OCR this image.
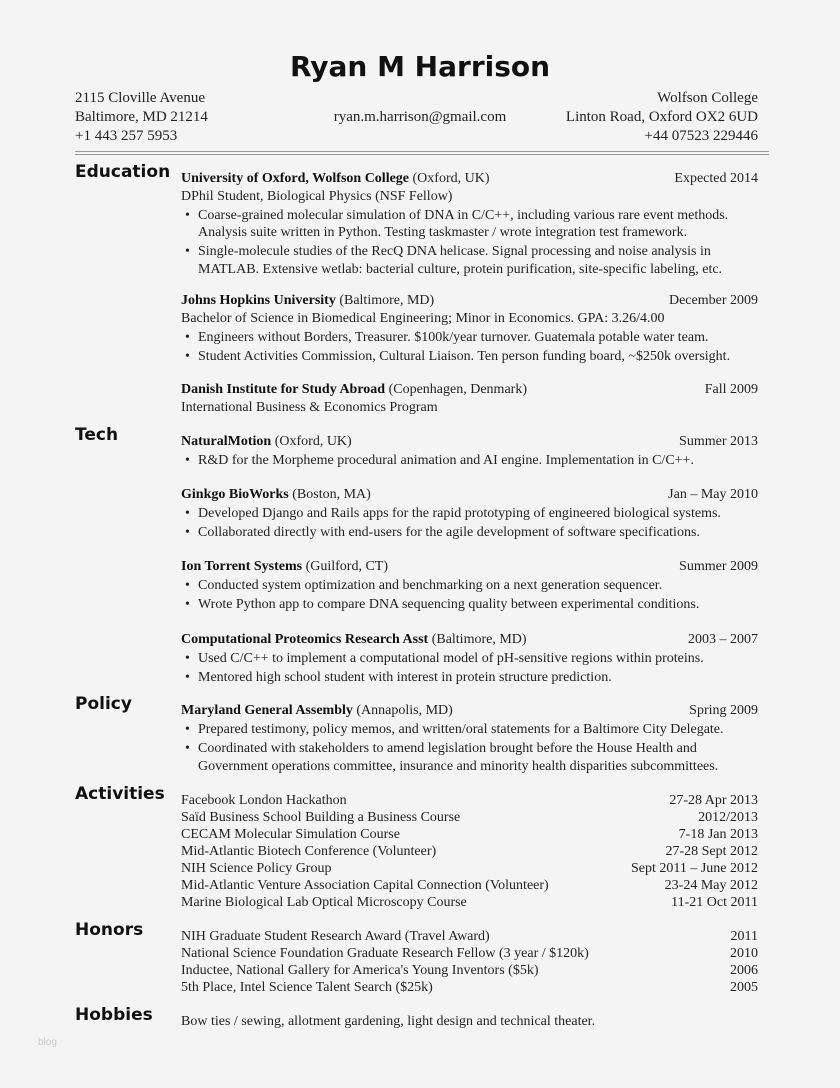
Ryan M Harrison
2115 Cloville Avenue
Baltimore, MD 21214
+1 443 257 5953
ryan.m.harrison@gmail.com
Wolfson College
Linton Road, Oxford OX2 6UD
+44 07523 229446
Education University of Oxford, Wolfson College (Oxford, UK)	Expected 2014
DPhil Student, Biological Physics (NSF Fellow)
• Coarse-grained molecular simulation of DNA in C/C++, including various rare event methods. Analysis suite written in Python. Testing taskmaster / wrote integration test framework.
• Single-molecule studies of the RecQ DNA helicase. Signal processing and noise analysis in MATLAB. Extensive wetlab: bacterial culture, protein purification, site-specific labeling, etc.
Johns Hopkins University (Baltimore, MD)	December 2009
Bachelor of Science in Biomedical Engineering; Minor in Economics. GPA: 3.26/4.00
• Engineers without Borders, Treasurer. $100k/year turnover. Guatemala potable water team.
• Student Activities Commission, Cultural Liaison. Ten person funding board, ~$250k oversight.
Danish Institute for Study Abroad (Copenhagen, Denmark)	Fall 2009
International Business & Economics Program
Tech	NaturalMotion (Oxford, UK)	Summer 2013
• R&D for the Morpheme procedural animation and AI engine. Implementation in C/C++.
Ginkgo BioWorks (Boston, MA)	Jan – May 2010
• Developed Django and Rails apps for the rapid prototyping of engineered biological systems.
• Collaborated directly with end-users for the agile development of software specifications.
Ion Torrent Systems (Guilford, CT)	Summer 2009
• Conducted system optimization and benchmarking on a next generation sequencer.
• Wrote Python app to compare DNA sequencing quality between experimental conditions.
Computational Proteomics Research Asst (Baltimore, MD)	2003 – 2007
• Used C/C++ to implement a computational model of pH-sensitive regions within proteins.
• Mentored high school student with interest in protein structure prediction.
Policy	Maryland General Assembly (Annapolis, MD)	Spring 2009
• Prepared testimony, policy memos, and written/oral statements for a Baltimore City Delegate.
• Coordinated with stakeholders to amend legislation brought before the House Health and Government operations committee, insurance and minority health disparities subcommittees.
Activities Facebook London Hackathon	27-28 Apr 2013
Saïd Business School Building a Business Course	2012/2013
CECAM Molecular Simulation Course	7-18 Jan 2013
Mid-Atlantic Biotech Conference (Volunteer)	27-28 Sept 2012
NIH Science Policy Group	Sept 2011 – June 2012
Mid-Atlantic Venture Association Capital Connection (Volunteer)	23-24 May 2012
Marine Biological Lab Optical Microscopy Course	11-21 Oct 2011
Honors	NIH Graduate Student Research Award (Travel Award)	2011
National Science Foundation Graduate Research Fellow (3 year / $120k)	2010
Inductee, National Gallery for America's Young Inventors ($5k)	2006
5th Place, Intel Science Talent Search ($25k)	2005
Hobbies Bow ties / sewing, allotment gardening, light design and technical theater.
blog
